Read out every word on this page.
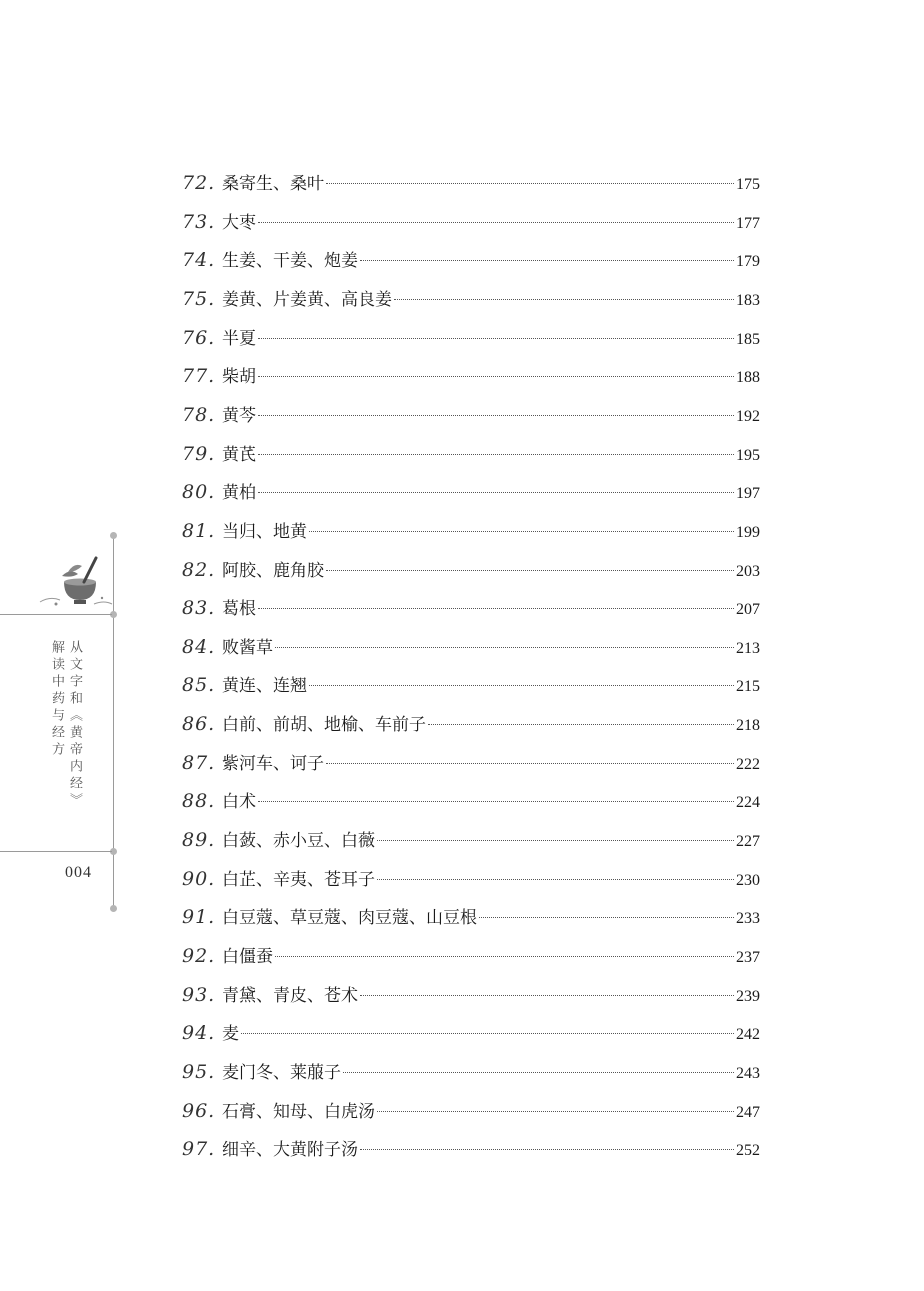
从文字和《黄帝内经》
解读中药与经方
004
72. 桑寄生、桑叶	175
73. 大枣	177
74. 生姜、干姜、炮姜	179
75. 姜黄、片姜黄、高良姜	183
76. 半夏	185
77. 柴胡	188
78. 黄芩	192
79. 黄芪	195
80. 黄柏	197
81. 当归、地黄	199
82. 阿胶、鹿角胶	203
83. 葛根	207
84. 败酱草	213
85. 黄连、连翘	215
86. 白前、前胡、地榆、车前子	218
87. 紫河车、诃子	222
88. 白术	224
89. 白蔹、赤小豆、白薇	227
90. 白芷、辛夷、苍耳子	230
91. 白豆蔻、草豆蔻、肉豆蔻、山豆根	233
92. 白僵蚕	237
93. 青黛、青皮、苍术	239
94. 麦	242
95. 麦门冬、莱菔子	243
96. 石膏、知母、白虎汤	247
97. 细辛、大黄附子汤	252
